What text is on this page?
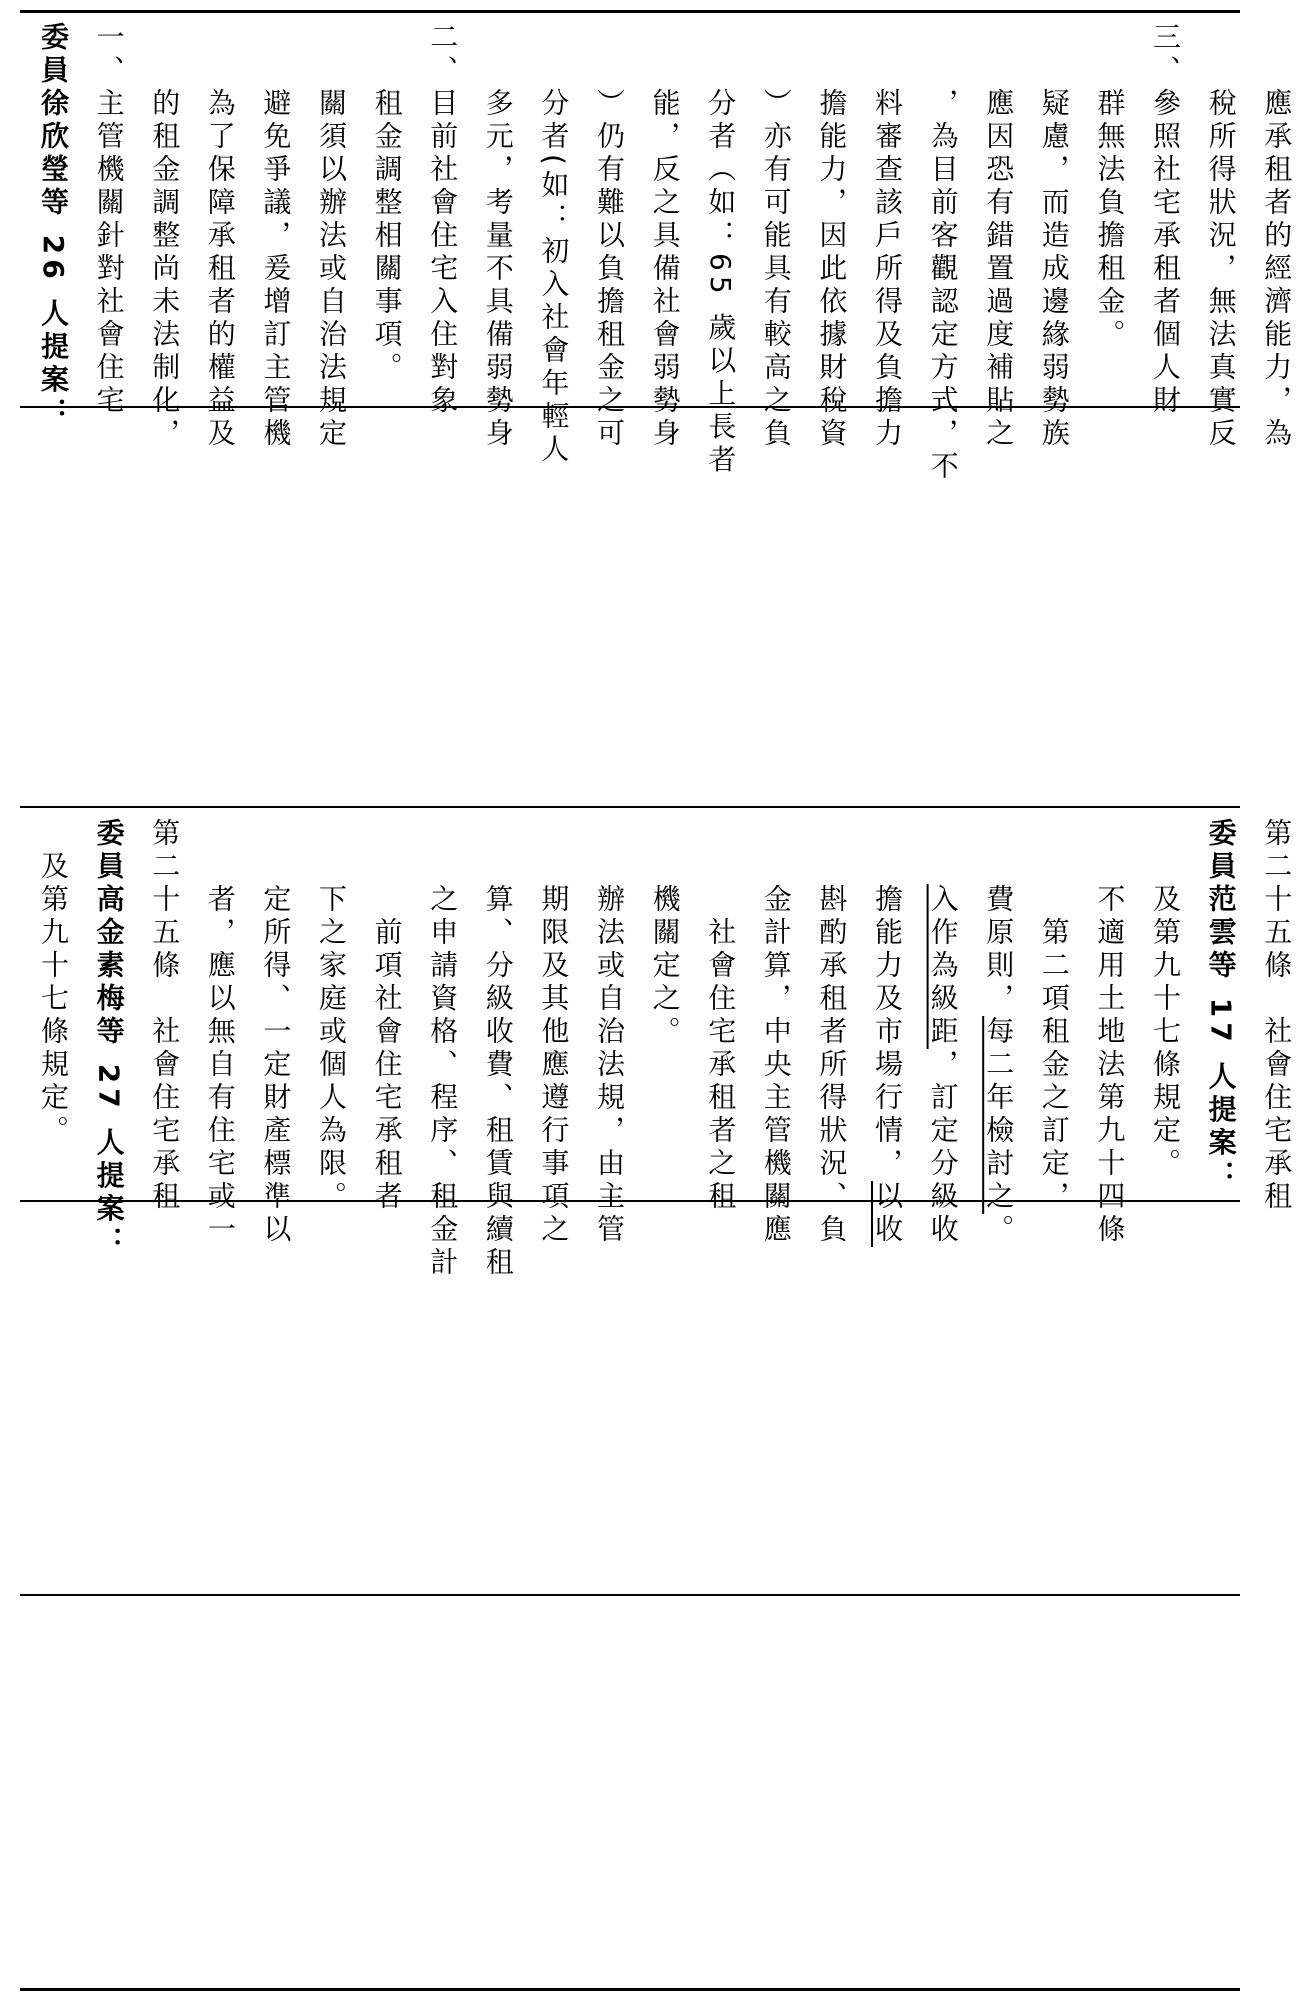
委員徐欣瑩等 26 人提案： 一、主管機關針對社會住宅 　　的租金調整尚未法制化， 　　為了保障承租者的權益及 　　避免爭議，爰增訂主管機 　　關須以辦法或自治法規定 　　租金調整相關事項。 二、目前社會住宅入住對象 　　多元，考量不具備弱勢身 　　分者(如：初入社會年輕人 　　）仍有難以負擔租金之可 　　能，反之具備社會弱勢身 　　分者（如：65 歲以上長者 　　）亦有可能具有較高之負 　　擔能力，因此依據財稅資 　　料審查該戶所得及負擔力 　　，為目前客觀認定方式，不 　　應因恐有錯置過度補貼之 　　疑慮，而造成邊緣弱勢族 　　群無法負擔租金。 三、參照社宅承租者個人財 　　稅所得狀況，無法真實反 　　應承租者的經濟能力，為
　及第九十七條規定。 委員高金素梅等 27 人提案： 第二十五條　社會住宅承租 　　者，應以無自有住宅或一 　　定所得、一定財產標準以 　　下之家庭或個人為限。 　　　前項社會住宅承租者 　　之申請資格、程序、租金計 　　算、分級收費、租賃與續租 　　期限及其他應遵行事項之 　　辦法或自治法規，由主管 　　機關定之。 　　　社會住宅承租者之租 　　金計算，中央主管機關應 　　斟酌承租者所得狀況、負 　　擔能力及市場行情，以收
　　入作為級距，訂定分級收
　　費原則，每二年檢討之。
　　　第二項租金之訂定， 　　不適用土地法第九十四條 　　及第九十七條規定。 委員范雲等 17 人提案： 第二十五條　社會住宅承租
